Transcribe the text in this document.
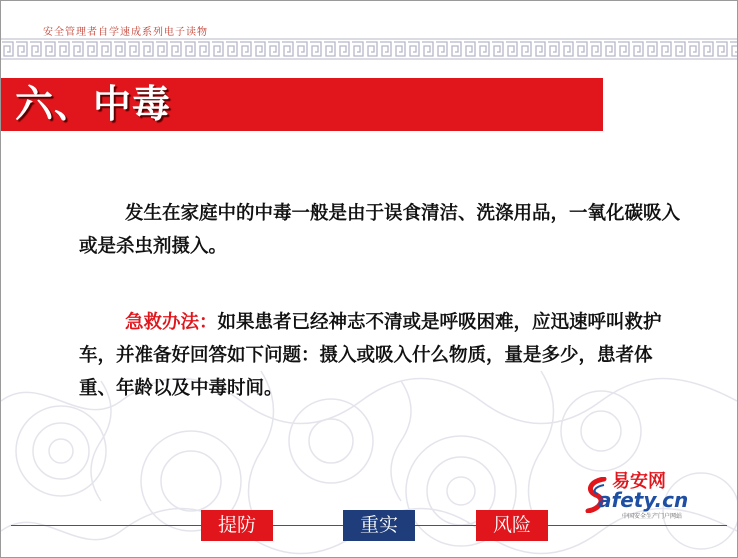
安全管理者自学速成系列电子读物
六、中毒
发生在家庭中的中毒一般是由于误食清洁、洗涤用品，一氧化碳吸入或是杀虫剂摄入。
急救办法：如果患者已经神志不清或是呼吸困难，应迅速呼叫救护车，并准备好回答如下问题：摄入或吸入什么物质，量是多少，患者体重、年龄以及中毒时间。
易安网
afety.cn
中国安全生产门户网站
提防	重实	风险
